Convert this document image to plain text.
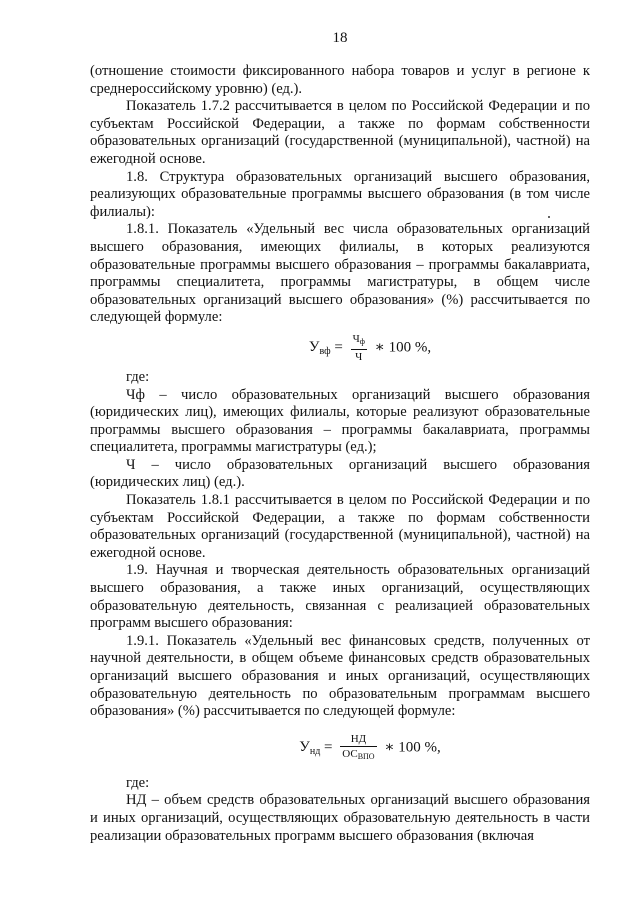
18

(отношение стоимости фиксированного набора товаров и услуг в регионе к среднероссийскому уровню) (ед.).

Показатель 1.7.2 рассчитывается в целом по Российской Федерации и по субъектам Российской Федерации, а также по формам собственности образовательных организаций (государственной (муниципальной), частной) на ежегодной основе.

1.8. Структура образовательных организаций высшего образования, реализующих образовательные программы высшего образования (в том числе филиалы):

1.8.1. Показатель «Удельный вес числа образовательных организаций высшего образования, имеющих филиалы, в которых реализуются образовательные программы высшего образования – программы бакалавриата, программы специалитета, программы магистратуры, в общем числе образовательных организаций высшего образования» (%) рассчитывается по следующей формуле:

$У_{вф} = \frac{Ч_ф}{Ч}$ ∗ 100 %,

где:

Чф – число образовательных организаций высшего образования (юридических лиц), имеющих филиалы, которые реализуют образовательные программы высшего образования – программы бакалавриата, программы специалитета, программы магистратуры (ед.);

Ч – число образовательных организаций высшего образования (юридических лиц) (ед.).

Показатель 1.8.1 рассчитывается в целом по Российской Федерации и по субъектам Российской Федерации, а также по формам собственности образовательных организаций (государственной (муниципальной), частной) на ежегодной основе.

1.9. Научная и творческая деятельность образовательных организаций высшего образования, а также иных организаций, осуществляющих образовательную деятельность, связанная с реализацией образовательных программ высшего образования:

1.9.1. Показатель «Удельный вес финансовых средств, полученных от научной деятельности, в общем объеме финансовых средств образовательных организаций высшего образования и иных организаций, осуществляющих образовательную деятельность по образовательным программам высшего образования» (%) рассчитывается по следующей формуле:

$У_{нд} = \frac{НД}{ОС_{ВПО}}$ ∗ 100 %,

где:

НД – объем средств образовательных организаций высшего образования и иных организаций, осуществляющих образовательную деятельность в части реализации образовательных программ высшего образования (включая
